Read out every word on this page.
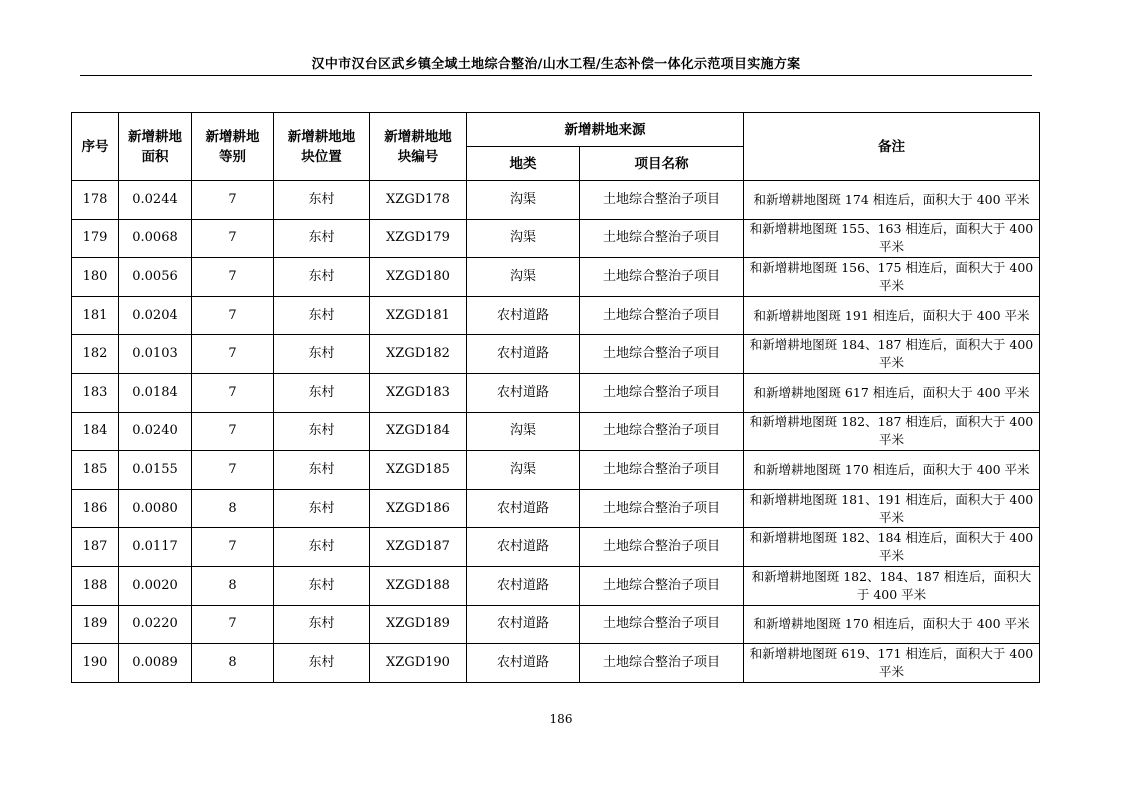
汉中市汉台区武乡镇全域土地综合整治/山水工程/生态补偿一体化示范项目实施方案
序号	新增耕地面积	新增耕地等别	新增耕地地块位置	新增耕地地块编号	新增耕地来源		备注
					地类	项目名称	
178	0.0244	7	东村	XZGD178	沟渠	土地综合整治子项目	和新增耕地图斑 174 相连后，面积大于 400 平米
179	0.0068	7	东村	XZGD179	沟渠	土地综合整治子项目	和新增耕地图斑 155、163 相连后，面积大于 400 平米
180	0.0056	7	东村	XZGD180	沟渠	土地综合整治子项目	和新增耕地图斑 156、175 相连后，面积大于 400 平米
181	0.0204	7	东村	XZGD181	农村道路	土地综合整治子项目	和新增耕地图斑 191 相连后，面积大于 400 平米
182	0.0103	7	东村	XZGD182	农村道路	土地综合整治子项目	和新增耕地图斑 184、187 相连后，面积大于 400 平米
183	0.0184	7	东村	XZGD183	农村道路	土地综合整治子项目	和新增耕地图斑 617 相连后，面积大于 400 平米
184	0.0240	7	东村	XZGD184	沟渠	土地综合整治子项目	和新增耕地图斑 182、187 相连后，面积大于 400 平米
185	0.0155	7	东村	XZGD185	沟渠	土地综合整治子项目	和新增耕地图斑 170 相连后，面积大于 400 平米
186	0.0080	8	东村	XZGD186	农村道路	土地综合整治子项目	和新增耕地图斑 181、191 相连后，面积大于 400 平米
187	0.0117	7	东村	XZGD187	农村道路	土地综合整治子项目	和新增耕地图斑 182、184 相连后，面积大于 400 平米
188	0.0020	8	东村	XZGD188	农村道路	土地综合整治子项目	和新增耕地图斑 182、184、187 相连后，面积大于 400 平米
189	0.0220	7	东村	XZGD189	农村道路	土地综合整治子项目	和新增耕地图斑 170 相连后，面积大于 400 平米
190	0.0089	8	东村	XZGD190	农村道路	土地综合整治子项目	和新增耕地图斑 619、171 相连后，面积大于 400 平米
186
